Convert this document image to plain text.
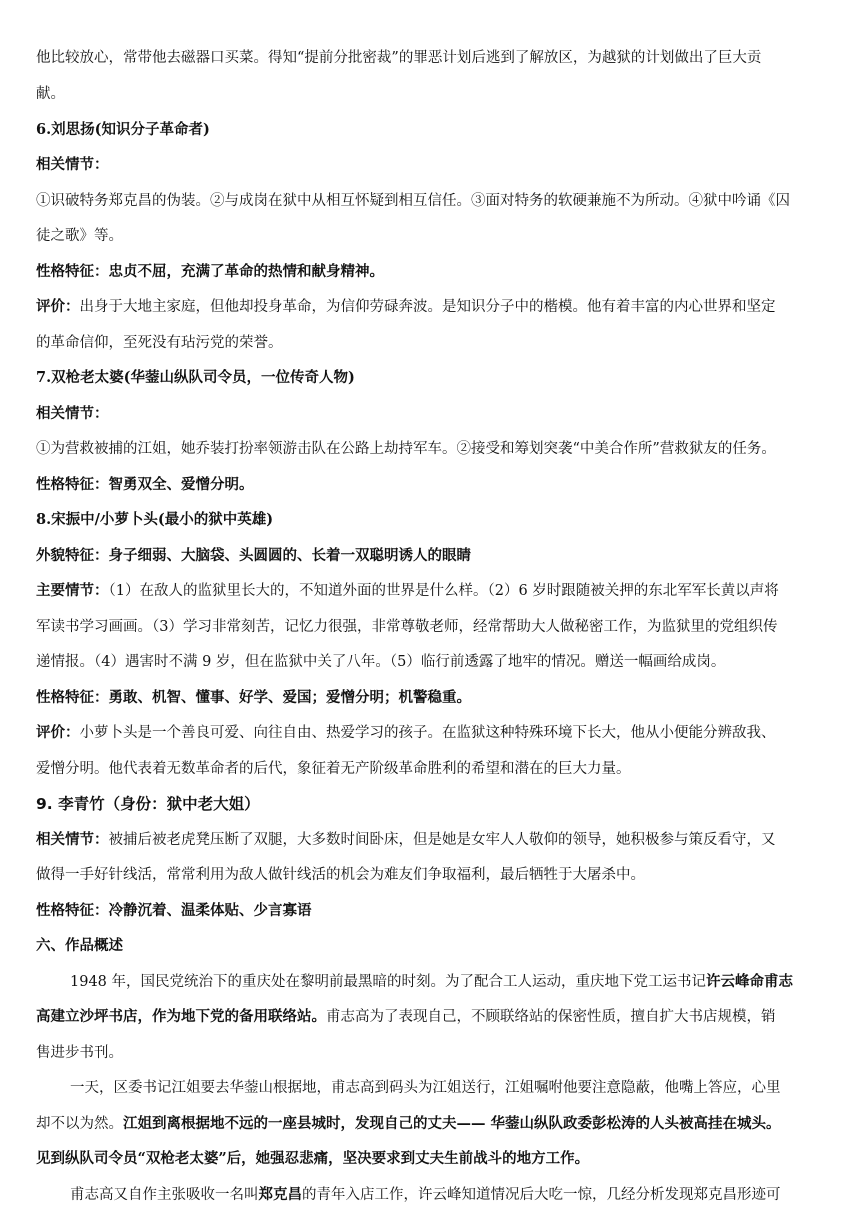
他比较放心，常带他去磁器口买菜。得知“提前分批密裁”的罪恶计划后逃到了解放区，为越狱的计划做出了巨大贡
献。
6.刘思扬(知识分子革命者)
相关情节：
①识破特务郑克昌的伪装。②与成岗在狱中从相互怀疑到相互信任。③面对特务的软硬兼施不为所动。④狱中吟诵《囚
徒之歌》等。
性格特征：忠贞不屈，充满了革命的热情和献身精神。
评价：出身于大地主家庭，但他却投身革命，为信仰劳碌奔波。是知识分子中的楷模。他有着丰富的内心世界和坚定
的革命信仰，至死没有玷污党的荣誉。
7.双枪老太婆(华蓥山纵队司令员，一位传奇人物)
相关情节：
①为营救被捕的江姐，她乔装打扮率领游击队在公路上劫持军车。②接受和筹划突袭“中美合作所”营救狱友的任务。
性格特征：智勇双全、爱憎分明。
8.宋振中/小萝卜头(最小的狱中英雄)
外貌特征：身子细弱、大脑袋、头圆圆的、长着一双聪明诱人的眼睛
主要情节：（1）在敌人的监狱里长大的，不知道外面的世界是什么样。（2）6 岁时跟随被关押的东北军军长黄以声将
军读书学习画画。（3）学习非常刻苦，记忆力很强，非常尊敬老师，经常帮助大人做秘密工作，为监狱里的党组织传
递情报。（4）遇害时不满 9 岁，但在监狱中关了八年。（5）临行前透露了地牢的情况。赠送一幅画给成岗。
性格特征：勇敢、机智、懂事、好学、爱国；爱憎分明；机警稳重。
评价：小萝卜头是一个善良可爱、向往自由、热爱学习的孩子。在监狱这种特殊环境下长大，他从小便能分辨敌我、
爱憎分明。他代表着无数革命者的后代，象征着无产阶级革命胜利的希望和潜在的巨大力量。
9. 李青竹（身份：狱中老大姐）
相关情节：被捕后被老虎凳压断了双腿，大多数时间卧床，但是她是女牢人人敬仰的领导，她积极参与策反看守，又
做得一手好针线活，常常利用为敌人做针线活的机会为难友们争取福利，最后牺牲于大屠杀中。
性格特征：冷静沉着、温柔体贴、少言寡语
六、作品概述
1948 年，国民党统治下的重庆处在黎明前最黑暗的时刻。为了配合工人运动，重庆地下党工运书记许云峰命甫志
高建立沙坪书店，作为地下党的备用联络站。甫志高为了表现自己，不顾联络站的保密性质，擅自扩大书店规模，销
售进步书刊。
一天，区委书记江姐要去华蓥山根据地，甫志高到码头为江姐送行，江姐嘱咐他要注意隐蔽，他嘴上答应，心里
却不以为然。江姐到离根据地不远的一座县城时，发现自己的丈夫—— 华蓥山纵队政委彭松涛的人头被高挂在城头。
见到纵队司令员“双枪老太婆”后，她强忍悲痛，坚决要求到丈夫生前战斗的地方工作。
甫志高又自作主张吸收一名叫郑克昌的青年入店工作，许云峰知道情况后大吃一惊，几经分析发现郑克昌形迹可
